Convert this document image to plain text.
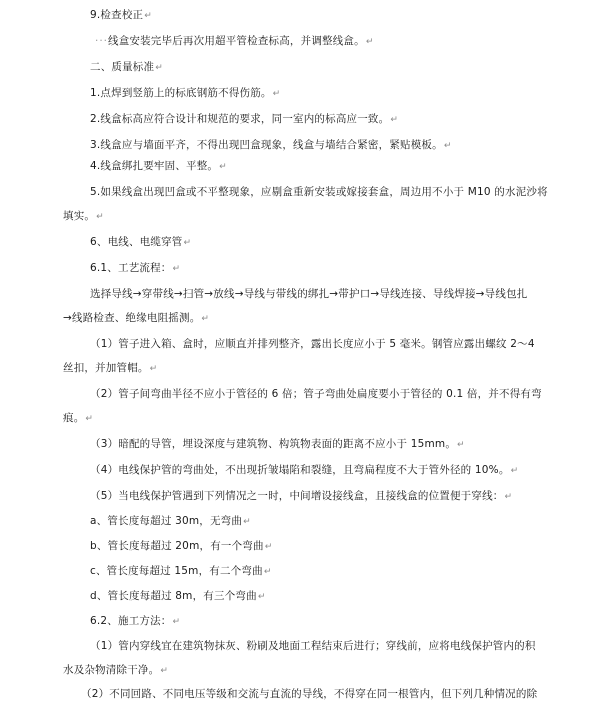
9.检查校正↵
···线盒安装完毕后再次用超平管检查标高，并调整线盒。↵
二、质量标准↵
1.点焊到竖筋上的标底钢筋不得伤筋。↵
2.线盒标高应符合设计和规范的要求，同一室内的标高应一致。↵
3.线盒应与墙面平齐，不得出现凹盒现象，线盒与墙结合紧密，紧贴模板。↵
4.线盒绑扎要牢固、平整。↵
5.如果线盒出现凹盒或不平整现象，应剔盒重新安装或嫁接套盒，周边用不小于 M10 的水泥沙将
填实。↵
6、电线、电缆穿管↵
6.1、工艺流程：↵
选择导线→穿带线→扫管→放线→导线与带线的绑扎→带护口→导线连接、导线焊接→导线包扎
→线路检查、绝缘电阻摇测。↵
（1）管子进入箱、盒时，应顺直并排列整齐，露出长度应小于 5 毫米。钢管应露出螺纹 2～4
丝扣，并加管帽。↵
（2）管子间弯曲半径不应小于管径的 6 倍；管子弯曲处扁度要小于管径的 0.1 倍，并不得有弯
痕。↵
（3）暗配的导管，埋设深度与建筑物、构筑物表面的距离不应小于 15mm。↵
（4）电线保护管的弯曲处，不出现折皱塌陷和裂缝，且弯扁程度不大于管外径的 10%。↵
（5）当电线保护管遇到下列情况之一时，中间增设接线盒，且接线盒的位置便于穿线：↵
a、管长度每超过 30m，无弯曲↵
b、管长度每超过 20m，有一个弯曲↵
c、管长度每超过 15m，有二个弯曲↵
d、管长度每超过 8m，有三个弯曲↵
6.2、施工方法：↵
（1）管内穿线宜在建筑物抹灰、粉刷及地面工程结束后进行；穿线前，应将电线保护管内的积
水及杂物清除干净。↵
（2）不同回路、不同电压等级和交流与直流的导线，不得穿在同一根管内，但下列几种情况的除
